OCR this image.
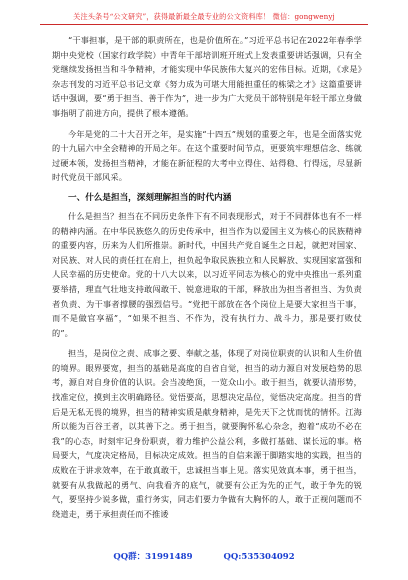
关注头条号“公文研究”，获得最新最全最专业的公文资料库！ 微信：gongwenyj

“干事担事，是干部的职责所在，也是价值所在。”习近平总书记在2022年春季学期中央党校（国家行政学院）中青年干部培训班开班式上发表重要讲话强调，只有全党继续发扬担当和斗争精神，才能实现中华民族伟大复兴的宏伟目标。近期，《求是》杂志刊发的习近平总书记文章《努力成为可堪大用能担重任的栋梁之才》这篇重要讲话中强调，要“勇于担当、善于作为”，进一步为广大党员干部特别是年轻干部立身做事指明了前进方向，提供了根本遵循。

今年是党的二十大召开之年，是实施“十四五”规划的重要之年，也是全面落实党的十九届六中全会精神的开局之年。在这个重要时间节点，更要筑牢理想信念、练就过硬本领，发扬担当精神，才能在新征程的大考中立得住、站得稳、行得远，尽显新时代党员干部风采。

一、什么是担当，深刻理解担当的时代内涵

什么是担当？担当在不同历史条件下有不同表现形式，对于不同群体也有不一样的精神内涵。在中华民族悠久的历史传承中，担当作为以爱国主义为核心的民族精神的重要内容，历来为人们所推崇。新时代，中国共产党自诞生之日起，就把对国家、对民族、对人民的责任扛在肩上，担负起争取民族独立和人民解放、实现国家富强和人民幸福的历史使命。党的十八大以来，以习近平同志为核心的党中央推出一系列重要举措，理直气壮地支持敢闯敢干、锐意进取的干部，释放出为担当者担当、为负责者负责、为干事者撑腰的强烈信号。“党把干部放在各个岗位上是要大家担当干事，而不是做官享福”，“如果不担当、不作为，没有执行力、战斗力，那是要打败仗的”。

担当，是岗位之责、成事之要、奉献之基，体现了对岗位职责的认识和人生价值的境界。眼界要宽，担当的基础是高度的自省自觉，担当的动力源自对发展趋势的思考，源自对自身价值的认识。会当凌绝顶，一览众山小。敢于担当，就要认清形势，找准定位，摸到主次明确路径。觉悟要高，思想决定品位，觉悟决定高度。担当的背后是无私无畏的境界，担当的精神实质是献身精神，是先天下之忧而忧的情怀。江海所以能为百谷王者，以其善下之。勇于担当，就要胸怀私心杂念，抱着“成功不必在我”的心态，时刻牢记身份职责，着力维护公益公利，多做打基础、谋长远的事。格局要大，气度决定格局，目标决定成效。担当的自信来源于脚踏实地的实践，担当的成败在于讲求效率，在于敢真敢干，忠诚担当事上见。落实见效真本事，勇于担当，就要有从我做起的勇气、向我看齐的底气，就要有公正为先的正气，敢于争先的锐气，要坚持少说多做，重行务实，同志们要力争做有大胸怀的人，敢于正视问题而不绕道走，勇于承担责任而不推诿

QQ群：31991489	QQ:535304092
